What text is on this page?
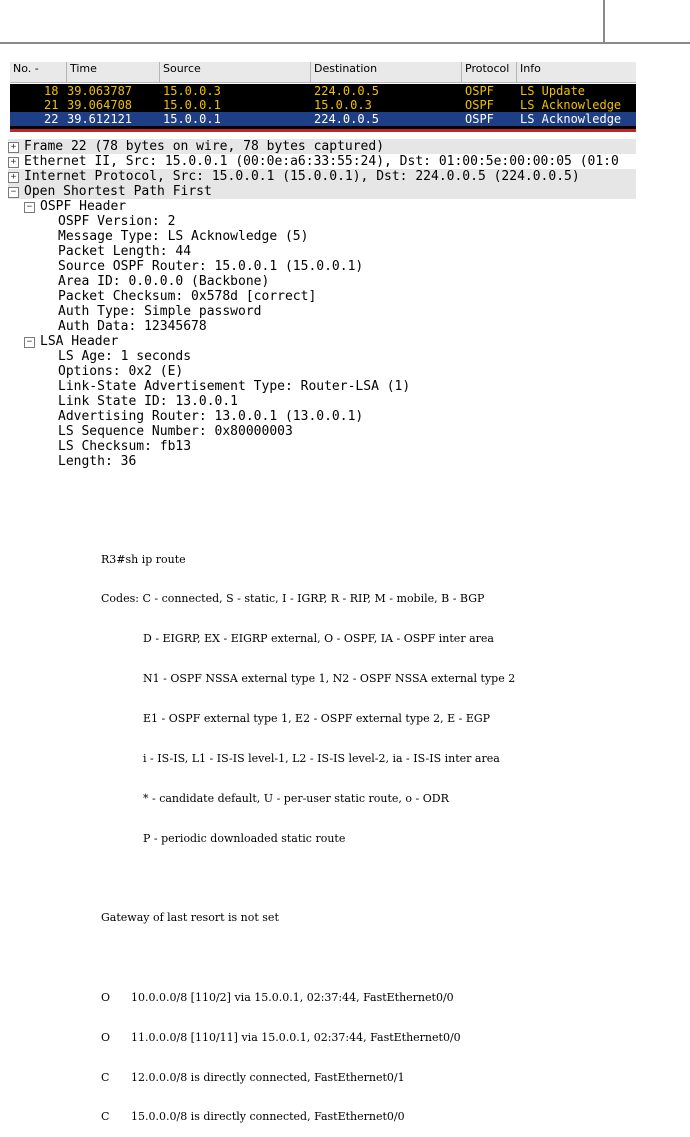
No. -	Time	Source	Destination	Protocol Info
18 39.063787	15.0.0.3	224.0.0.5	OSPF LS Update
21 39.064708	15.0.0.1	15.0.0.3	OSPF LS Acknowledge
22 39.612121	15.0.0.1	224.0.0.5	OSPF LS Acknowledge
+ Frame 22 (78 bytes on wire, 78 bytes captured)
+ Ethernet II, Src: 15.0.0.1 (00:0e:a6:33:55:24), Dst: 01:00:5e:00:00:05 (01:0
+ Internet Protocol, Src: 15.0.0.1 (15.0.0.1), Dst: 224.0.0.5 (224.0.0.5)
− Open Shortest Path First
− OSPF Header
OSPF Version: 2
Message Type: LS Acknowledge (5)
Packet Length: 44
Source OSPF Router: 15.0.0.1 (15.0.0.1)
Area ID: 0.0.0.0 (Backbone)
Packet Checksum: 0x578d [correct]
Auth Type: Simple password
Auth Data: 12345678
− LSA Header
LS Age: 1 seconds
Options: 0x2 (E)
Link-State Advertisement Type: Router-LSA (1)
Link State ID: 13.0.0.1
Advertising Router: 13.0.0.1 (13.0.0.1)
LS Sequence Number: 0x80000003
LS Checksum: fb13
Length: 36

R3#sh ip route

Codes: C - connected, S - static, I - IGRP, R - RIP, M - mobile, B - BGP

D - EIGRP, EX - EIGRP external, O - OSPF, IA - OSPF inter area

N1 - OSPF NSSA external type 1, N2 - OSPF NSSA external type 2

E1 - OSPF external type 1, E2 - OSPF external type 2, E - EGP

i - IS-IS, L1 - IS-IS level-1, L2 - IS-IS level-2, ia - IS-IS inter area

* - candidate default, U - per-user static route, o - ODR

P - periodic downloaded static route

Gateway of last resort is not set

O 10.0.0.0/8 [110/2] via 15.0.0.1, 02:37:44, FastEthernet0/0

O 11.0.0.0/8 [110/11] via 15.0.0.1, 02:37:44, FastEthernet0/0

C 12.0.0.0/8 is directly connected, FastEthernet0/1

C 15.0.0.0/8 is directly connected, FastEthernet0/0
